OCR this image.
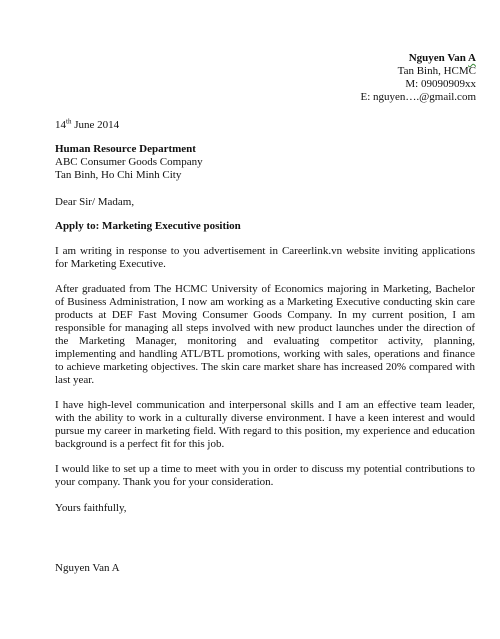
Nguyen Van A
Tan Binh, HCMC
M: 09090909xx
E: nguyen….@gmail.com
14th June 2014
Human Resource Department
ABC Consumer Goods Company
Tan Binh, Ho Chi Minh City
Dear Sir/ Madam,
Apply to: Marketing Executive position
I am writing in response to you advertisement in Careerlink.vn website inviting applications for Marketing Executive.
After graduated from The HCMC University of Economics majoring in Marketing, Bachelor of Business Administration, I now am working as a Marketing Executive conducting skin care products at DEF Fast Moving Consumer Goods Company. In my current position, I am responsible for managing all steps involved with new product launches under the direction of the Marketing Manager, monitoring and evaluating competitor activity, planning, implementing and handling ATL/BTL promotions, working with sales, operations and finance to achieve marketing objectives. The skin care market share has increased 20% compared with last year.
I have high-level communication and interpersonal skills and I am an effective team leader, with the ability to work in a culturally diverse environment. I have a keen interest and would pursue my career in marketing field. With regard to this position, my experience and education background is a perfect fit for this job.
I would like to set up a time to meet with you in order to discuss my potential contributions to your company. Thank you for your consideration.
Yours faithfully,
Nguyen Van A
